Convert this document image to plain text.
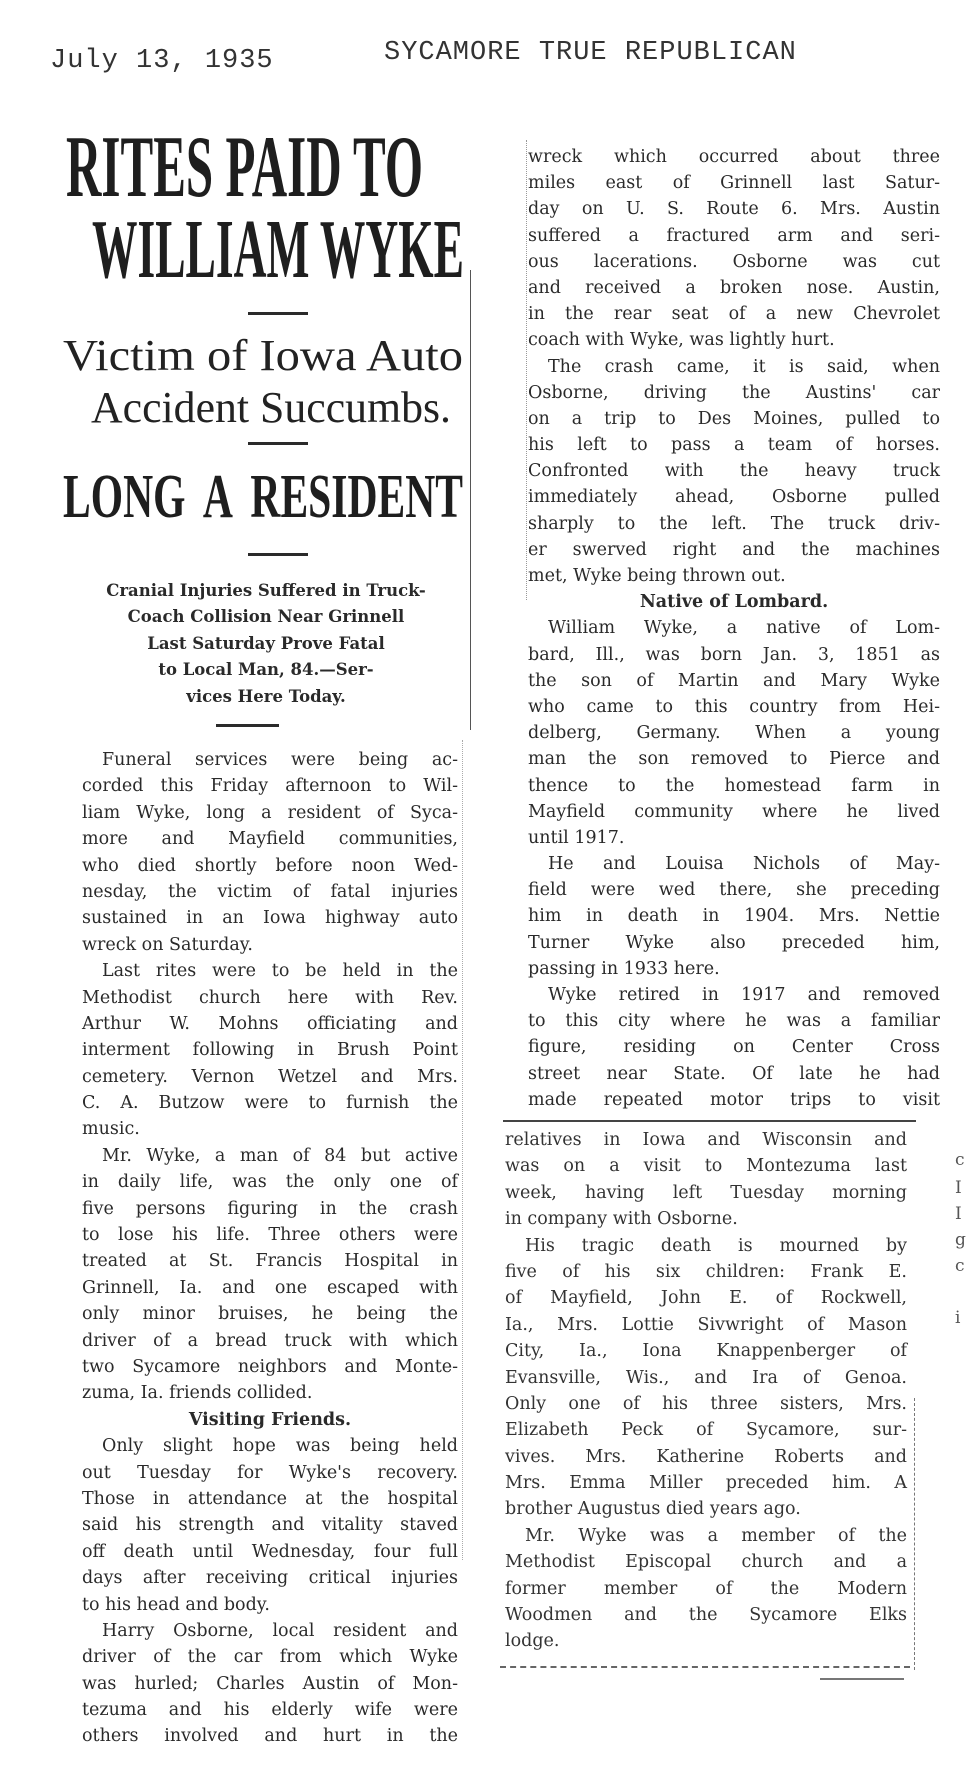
July 13, 1935	SYCAMORE TRUE REPUBLICAN
RITES PAID TO
WILLIAM WYKE
Victim of Iowa Auto
Accident Succumbs.
LONG A RESIDENT
Cranial Injuries Suffered in Truck-
Coach Collision Near Grinnell
Last Saturday Prove Fatal
to Local Man, 84.—Ser-
vices Here Today.
Funeral services were being ac-
corded this Friday afternoon to Wil-
liam Wyke, long a resident of Syca-
more and Mayfield communities,
who died shortly before noon Wed-
nesday, the victim of fatal injuries
sustained in an Iowa highway auto
wreck on Saturday.
Last rites were to be held in the
Methodist church here with Rev.
Arthur W. Mohns officiating and
interment following in Brush Point
cemetery. Vernon Wetzel and Mrs.
C. A. Butzow were to furnish the
music.
Mr. Wyke, a man of 84 but active
in daily life, was the only one of
five persons figuring in the crash
to lose his life. Three others were
treated at St. Francis Hospital in
Grinnell, Ia. and one escaped with
only minor bruises, he being the
driver of a bread truck with which
two Sycamore neighbors and Monte-
zuma, Ia. friends collided.
Visiting Friends.
Only slight hope was being held
out Tuesday for Wyke's recovery.
Those in attendance at the hospital
said his strength and vitality staved
off death until Wednesday, four full
days after receiving critical injuries
to his head and body.
Harry Osborne, local resident and
driver of the car from which Wyke
was hurled; Charles Austin of Mon-
tezuma and his elderly wife were
others involved and hurt in the
wreck which occurred about three
miles east of Grinnell last Satur-
day on U. S. Route 6. Mrs. Austin
suffered a fractured arm and seri-
ous lacerations. Osborne was cut
and received a broken nose. Austin,
in the rear seat of a new Chevrolet
coach with Wyke, was lightly hurt.
The crash came, it is said, when
Osborne, driving the Austins' car
on a trip to Des Moines, pulled to
his left to pass a team of horses.
Confronted with the heavy truck
immediately ahead, Osborne pulled
sharply to the left. The truck driv-
er swerved right and the machines
met, Wyke being thrown out.
Native of Lombard.
William Wyke, a native of Lom-
bard, Ill., was born Jan. 3, 1851 as
the son of Martin and Mary Wyke
who came to this country from Hei-
delberg, Germany. When a young
man the son removed to Pierce and
thence to the homestead farm in
Mayfield community where he lived
until 1917.
He and Louisa Nichols of May-
field were wed there, she preceding
him in death in 1904. Mrs. Nettie
Turner Wyke also preceded him,
passing in 1933 here.
Wyke retired in 1917 and removed
to this city where he was a familiar
figure, residing on Center Cross
street near State. Of late he had
made repeated motor trips to visit
relatives in Iowa and Wisconsin and
was on a visit to Montezuma last
week, having left Tuesday morning
in company with Osborne.
His tragic death is mourned by
five of his six children: Frank E.
of Mayfield, John E. of Rockwell,
Ia., Mrs. Lottie Sivwright of Mason
City, Ia., Iona Knappenberger of
Evansville, Wis., and Ira of Genoa.
Only one of his three sisters, Mrs.
Elizabeth Peck of Sycamore, sur-
vives. Mrs. Katherine Roberts and
Mrs. Emma Miller preceded him. A
brother Augustus died years ago.
Mr. Wyke was a member of the
Methodist Episcopal church and a
former member of the Modern
Woodmen and the Sycamore Elks
lodge.
c
I
I
g
c
i
